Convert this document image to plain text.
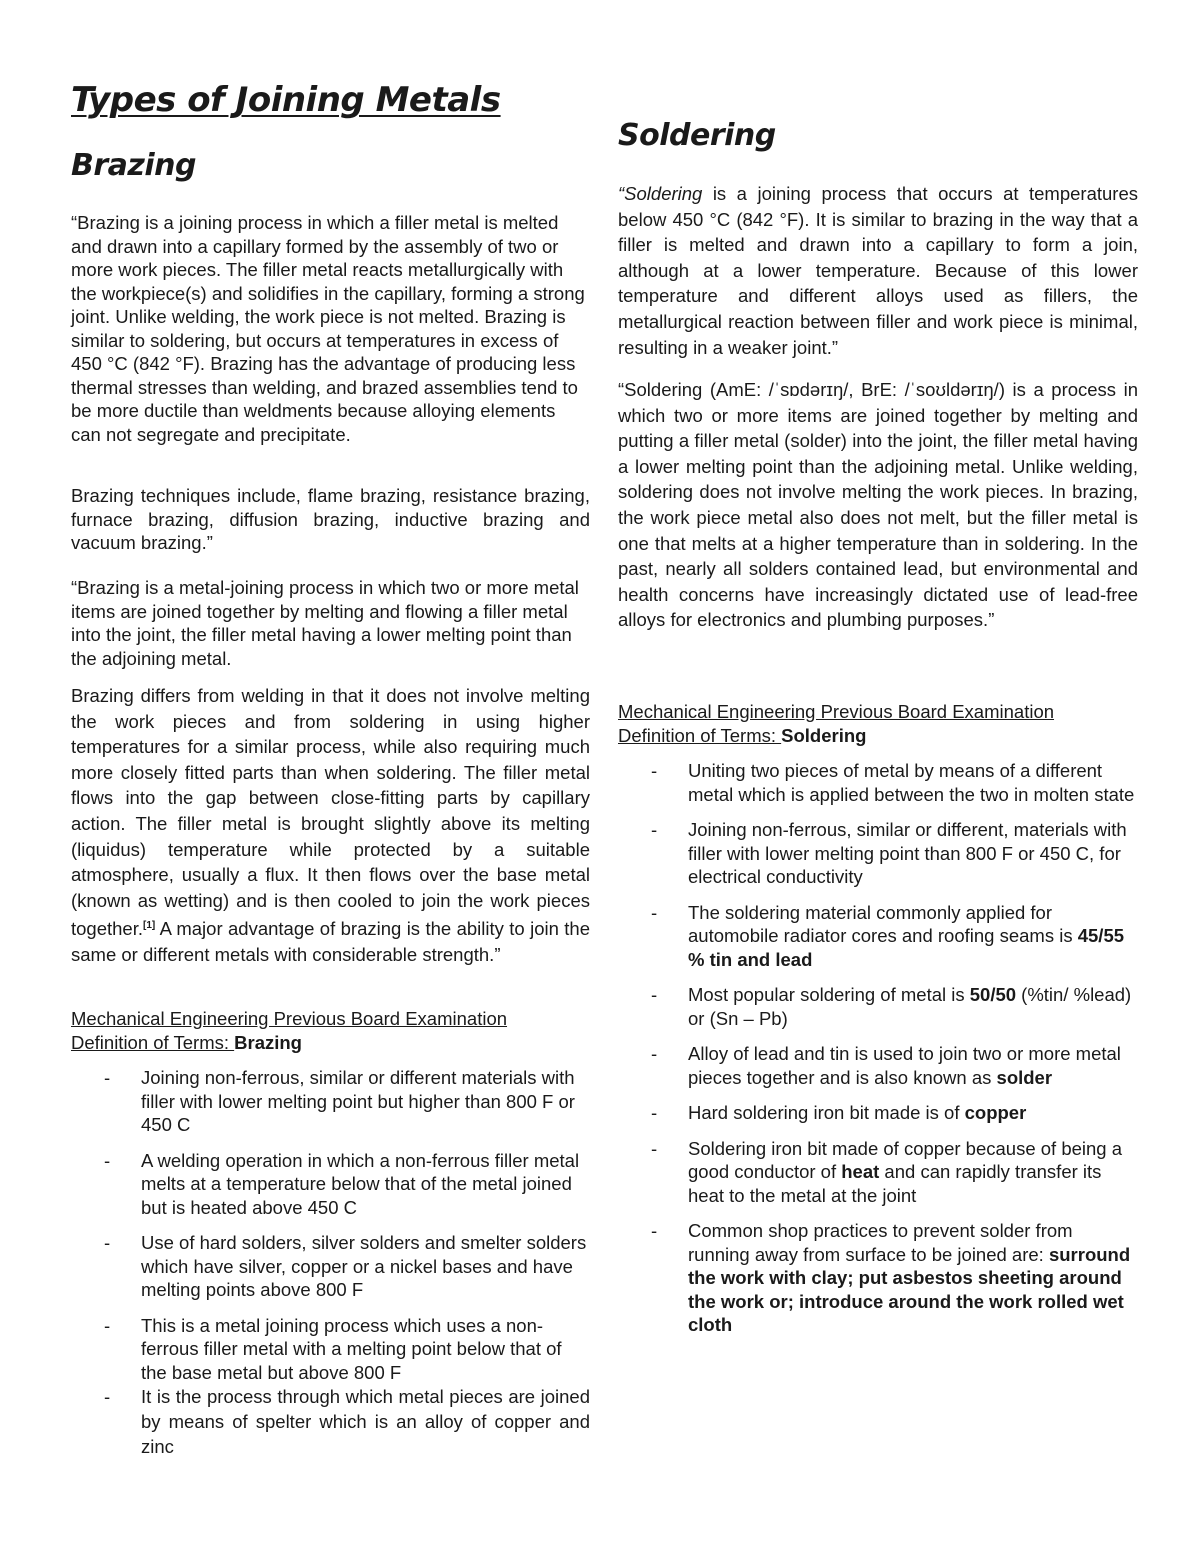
Types of Joining Metals
Brazing

“Brazing is a joining process in which a filler metal is melted and drawn into a capillary formed by the assembly of two or more work pieces. The filler metal reacts metallurgically with the workpiece(s) and solidifies in the capillary, forming a strong joint. Unlike welding, the work piece is not melted. Brazing is similar to soldering, but occurs at temperatures in excess of 450 °C (842 °F). Brazing has the advantage of producing less thermal stresses than welding, and brazed assemblies tend to be more ductile than weldments because alloying elements can not segregate and precipitate.

Brazing techniques include, flame brazing, resistance brazing, furnace brazing, diffusion brazing, inductive brazing and vacuum brazing.”

“Brazing is a metal-joining process in which two or more metal items are joined together by melting and flowing a filler metal into the joint, the filler metal having a lower melting point than the adjoining metal.

Brazing differs from welding in that it does not involve melting the work pieces and from soldering in using higher temperatures for a similar process, while also requiring much more closely fitted parts than when soldering. The filler metal flows into the gap between close-fitting parts by capillary action. The filler metal is brought slightly above its melting (liquidus) temperature while protected by a suitable atmosphere, usually a flux. It then flows over the base metal (known as wetting) and is then cooled to join the work pieces together.[1] A major advantage of brazing is the ability to join the same or different metals with considerable strength.”

Mechanical Engineering Previous Board Examination
Definition of Terms: Brazing
- Joining non-ferrous, similar or different materials with filler with lower melting point but higher than 800 F or 450 C
- A welding operation in which a non-ferrous filler metal melts at a temperature below that of the metal joined but is heated above 450 C
- Use of hard solders, silver solders and smelter solders which have silver, copper or a nickel bases and have melting points above 800 F
- This is a metal joining process which uses a non-ferrous filler metal with a melting point below that of the base metal but above 800 F
- It is the process through which metal pieces are joined by means of spelter which is an alloy of copper and zinc
Soldering

“Soldering is a joining process that occurs at temperatures below 450 °C (842 °F). It is similar to brazing in the way that a filler is melted and drawn into a capillary to form a join, although at a lower temperature. Because of this lower temperature and different alloys used as fillers, the metallurgical reaction between filler and work piece is minimal, resulting in a weaker joint.”

“Soldering (AmE: /ˈsɒdərɪŋ/, BrE: /ˈsoʊldərɪŋ/) is a process in which two or more items are joined together by melting and putting a filler metal (solder) into the joint, the filler metal having a lower melting point than the adjoining metal. Unlike welding, soldering does not involve melting the work pieces. In brazing, the work piece metal also does not melt, but the filler metal is one that melts at a higher temperature than in soldering. In the past, nearly all solders contained lead, but environmental and health concerns have increasingly dictated use of lead-free alloys for electronics and plumbing purposes.”

Mechanical Engineering Previous Board Examination
Definition of Terms: Soldering
- Uniting two pieces of metal by means of a different metal which is applied between the two in molten state
- Joining non-ferrous, similar or different, materials with filler with lower melting point than 800 F or 450 C, for electrical conductivity
- The soldering material commonly applied for automobile radiator cores and roofing seams is 45/55 % tin and lead
- Most popular soldering of metal is 50/50 (%tin/ %lead) or (Sn – Pb)
- Alloy of lead and tin is used to join two or more metal pieces together and is also known as solder
- Hard soldering iron bit made is of copper
- Soldering iron bit made of copper because of being a good conductor of heat and can rapidly transfer its heat to the metal at the joint
- Common shop practices to prevent solder from running away from surface to be joined are: surround the work with clay; put asbestos sheeting around the work or; introduce around the work rolled wet cloth
